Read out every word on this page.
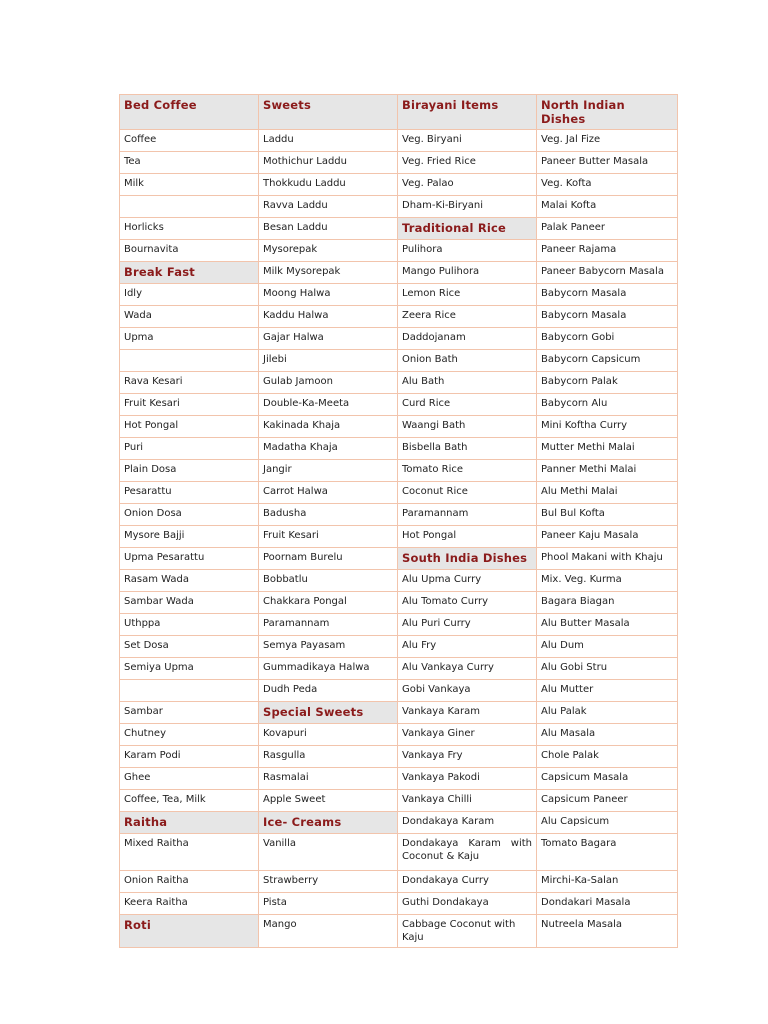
Bed Coffee	Sweets	Birayani Items	North Indian Dishes
Coffee	Laddu	Veg. Biryani	Veg. Jal Fize
Tea	Mothichur Laddu	Veg. Fried Rice	Paneer Butter Masala
Milk	Thokkudu Laddu	Veg. Palao	Veg. Kofta
	Ravva Laddu	Dham-Ki-Biryani	Malai Kofta
Horlicks	Besan Laddu	Traditional Rice	Palak Paneer
Bournavita	Mysorepak	Pulihora	Paneer Rajama
Break Fast	Milk Mysorepak	Mango Pulihora	Paneer Babycorn Masala
Idly	Moong Halwa	Lemon Rice	Babycorn Masala
Wada	Kaddu Halwa	Zeera Rice	Babycorn Masala
Upma	Gajar Halwa	Daddojanam	Babycorn Gobi
	Jilebi	Onion Bath	Babycorn Capsicum
Rava Kesari	Gulab Jamoon	Alu Bath	Babycorn Palak
Fruit Kesari	Double-Ka-Meeta	Curd Rice	Babycorn Alu
Hot Pongal	Kakinada Khaja	Waangi Bath	Mini Koftha Curry
Puri	Madatha Khaja	Bisbella Bath	Mutter Methi Malai
Plain Dosa	Jangir	Tomato Rice	Panner Methi Malai
Pesarattu	Carrot Halwa	Coconut Rice	Alu Methi Malai
Onion Dosa	Badusha	Paramannam	Bul Bul Kofta
Mysore Bajji	Fruit Kesari	Hot Pongal	Paneer Kaju Masala
Upma Pesarattu	Poornam Burelu	South India Dishes	Phool Makani with Khaju
Rasam Wada	Bobbatlu	Alu Upma Curry	Mix. Veg. Kurma
Sambar Wada	Chakkara Pongal	Alu Tomato Curry	Bagara Biagan
Uthppa	Paramannam	Alu Puri Curry	Alu Butter Masala
Set Dosa	Semya Payasam	Alu Fry	Alu Dum
Semiya Upma	Gummadikaya Halwa	Alu Vankaya Curry	Alu Gobi Stru
	Dudh Peda	Gobi Vankaya	Alu Mutter
Sambar	Special Sweets	Vankaya Karam	Alu Palak
Chutney	Kovapuri	Vankaya Giner	Alu Masala
Karam Podi	Rasgulla	Vankaya Fry	Chole Palak
Ghee	Rasmalai	Vankaya Pakodi	Capsicum Masala
Coffee, Tea, Milk	Apple Sweet	Vankaya Chilli	Capsicum Paneer
Raitha	Ice- Creams	Dondakaya Karam	Alu Capsicum
Mixed Raitha	Vanilla	Dondakaya Karam with Coconut & Kaju	Tomato Bagara
Onion Raitha	Strawberry	Dondakaya Curry	Mirchi-Ka-Salan
Keera Raitha	Pista	Guthi Dondakaya	Dondakari Masala
Roti	Mango	Cabbage Coconut with Kaju	Nutreela Masala
